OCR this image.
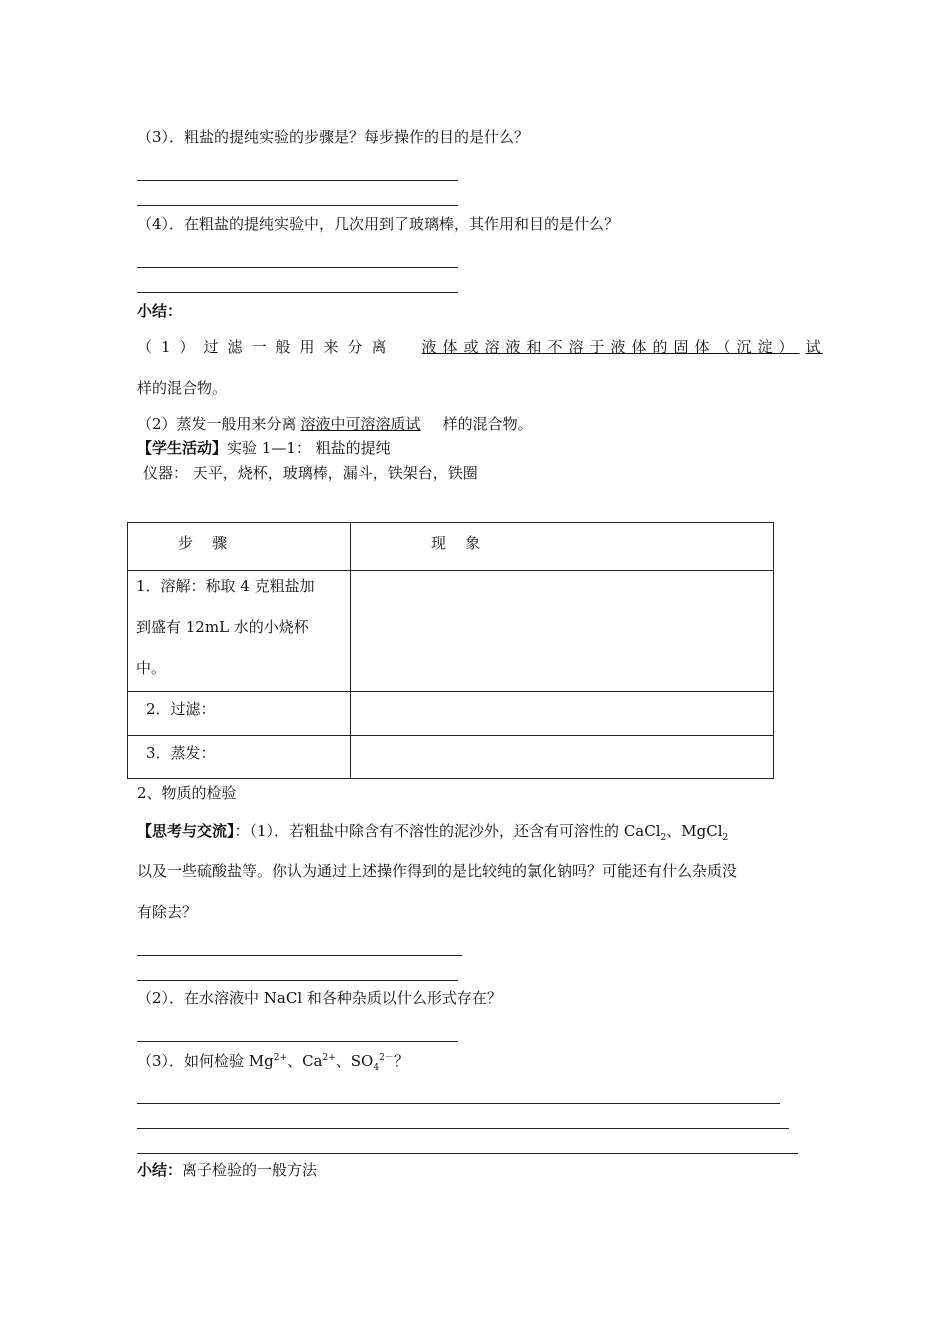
（3）．粗盐的提纯实验的步骤是？每步操作的目的是什么？
（4）．在粗盐的提纯实验中，几次用到了玻璃棒，其作用和目的是什么？
小结：
（1）过滤一般用来分离 液体或溶液和不溶于液体的固体（沉淀） 试
样的混合物。
（2）蒸发一般用来分离 溶液中可溶溶质试 样的混合物。
【学生活动】实验 1—1： 粗盐的提纯
仪器： 天平，烧杯，玻璃棒，漏斗，铁架台，铁圈
步    骤	现    象

1．溶解：称取 4 克粗盐加
到盛有 12mL 水的小烧杯
中。	

2．过滤：	

3．蒸发：	

2、物质的检验
【思考与交流】：（1）．若粗盐中除含有不溶性的泥沙外，还含有可溶性的 CaCl$_2$、MgCl$_2$
以及一些硫酸盐等。你认为通过上述操作得到的是比较纯的氯化钠吗？可能还有什么杂质没
有除去？
（2）．在水溶液中 NaCl 和各种杂质以什么形式存在？
（3）．如何检验 $Mg^{2+}$、$Ca^{2+}$、$SO_4^{2-}$？
小结：离子检验的一般方法
